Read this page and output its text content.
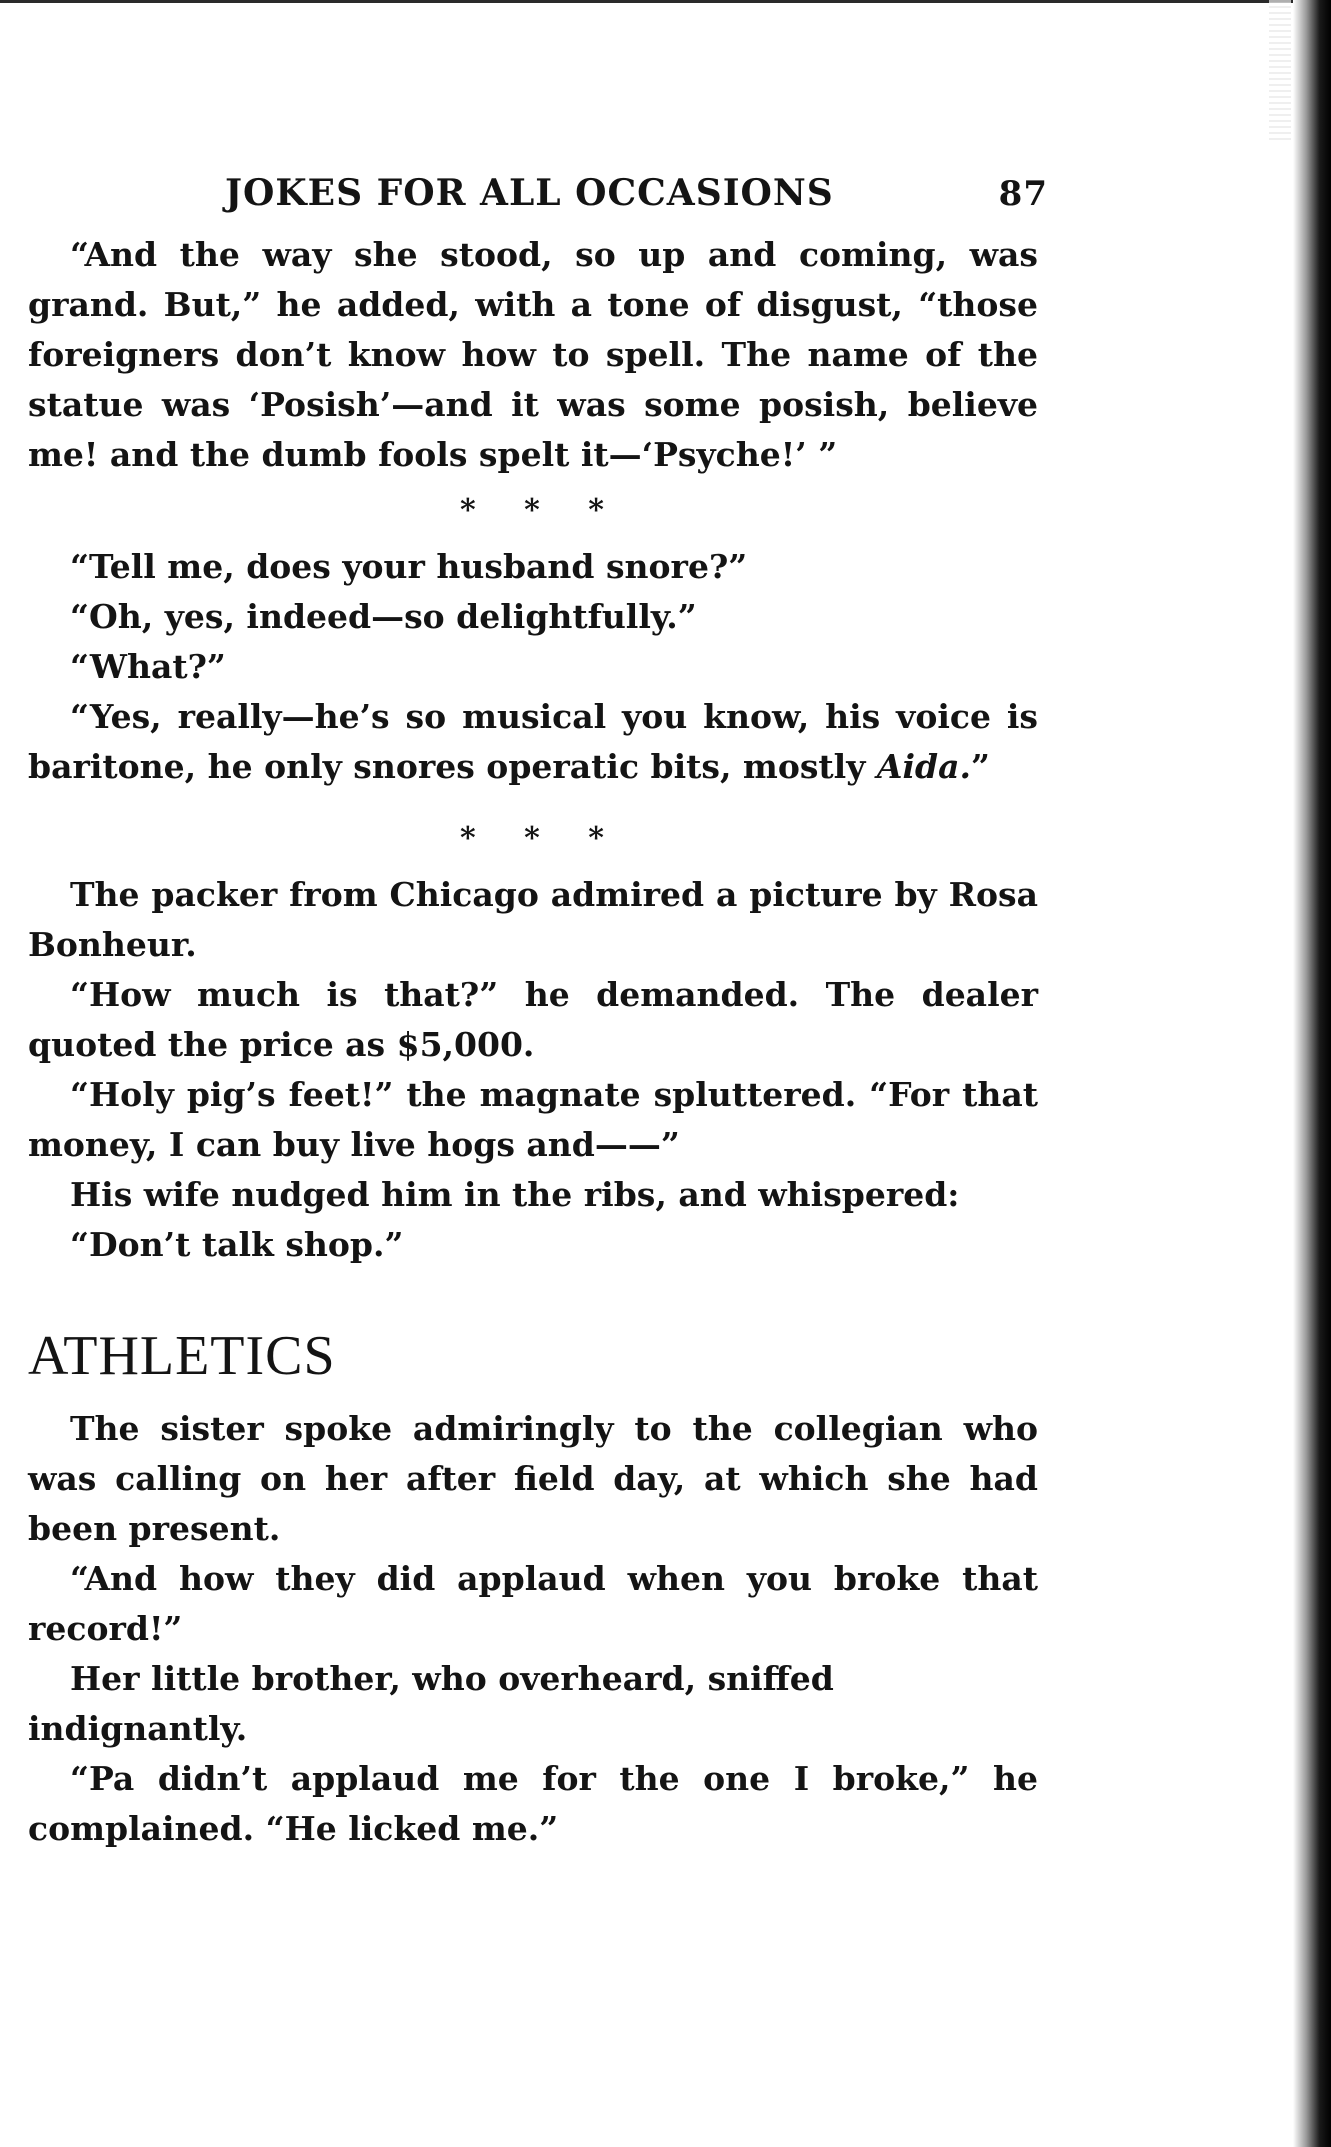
JOKES FOR ALL OCCASIONS	87

“And the way she stood, so up and coming, was grand. But,” he added, with a tone of disgust, “those foreigners don’t know how to spell. The name of the statue was ‘Posish’—and it was some posish, believe me! and the dumb fools spelt it—‘Psyche!’ ”

* * *

“Tell me, does your husband snore?”

“Oh, yes, indeed—so delightfully.”

“What?”

“Yes, really—he’s so musical you know, his voice is baritone, he only snores operatic bits, mostly Aida.”

* * *

The packer from Chicago admired a picture by Rosa Bonheur.

“How much is that?” he demanded. The dealer quoted the price as $5,000.

“Holy pig’s feet!” the magnate spluttered. “For that money, I can buy live hogs and——”

His wife nudged him in the ribs, and whispered:

“Don’t talk shop.”

ATHLETICS

The sister spoke admiringly to the collegian who was calling on her after field day, at which she had been present.

“And how they did applaud when you broke that record!”

Her little brother, who overheard, sniffed indignantly.

“Pa didn’t applaud me for the one I broke,” he complained. “He licked me.”
